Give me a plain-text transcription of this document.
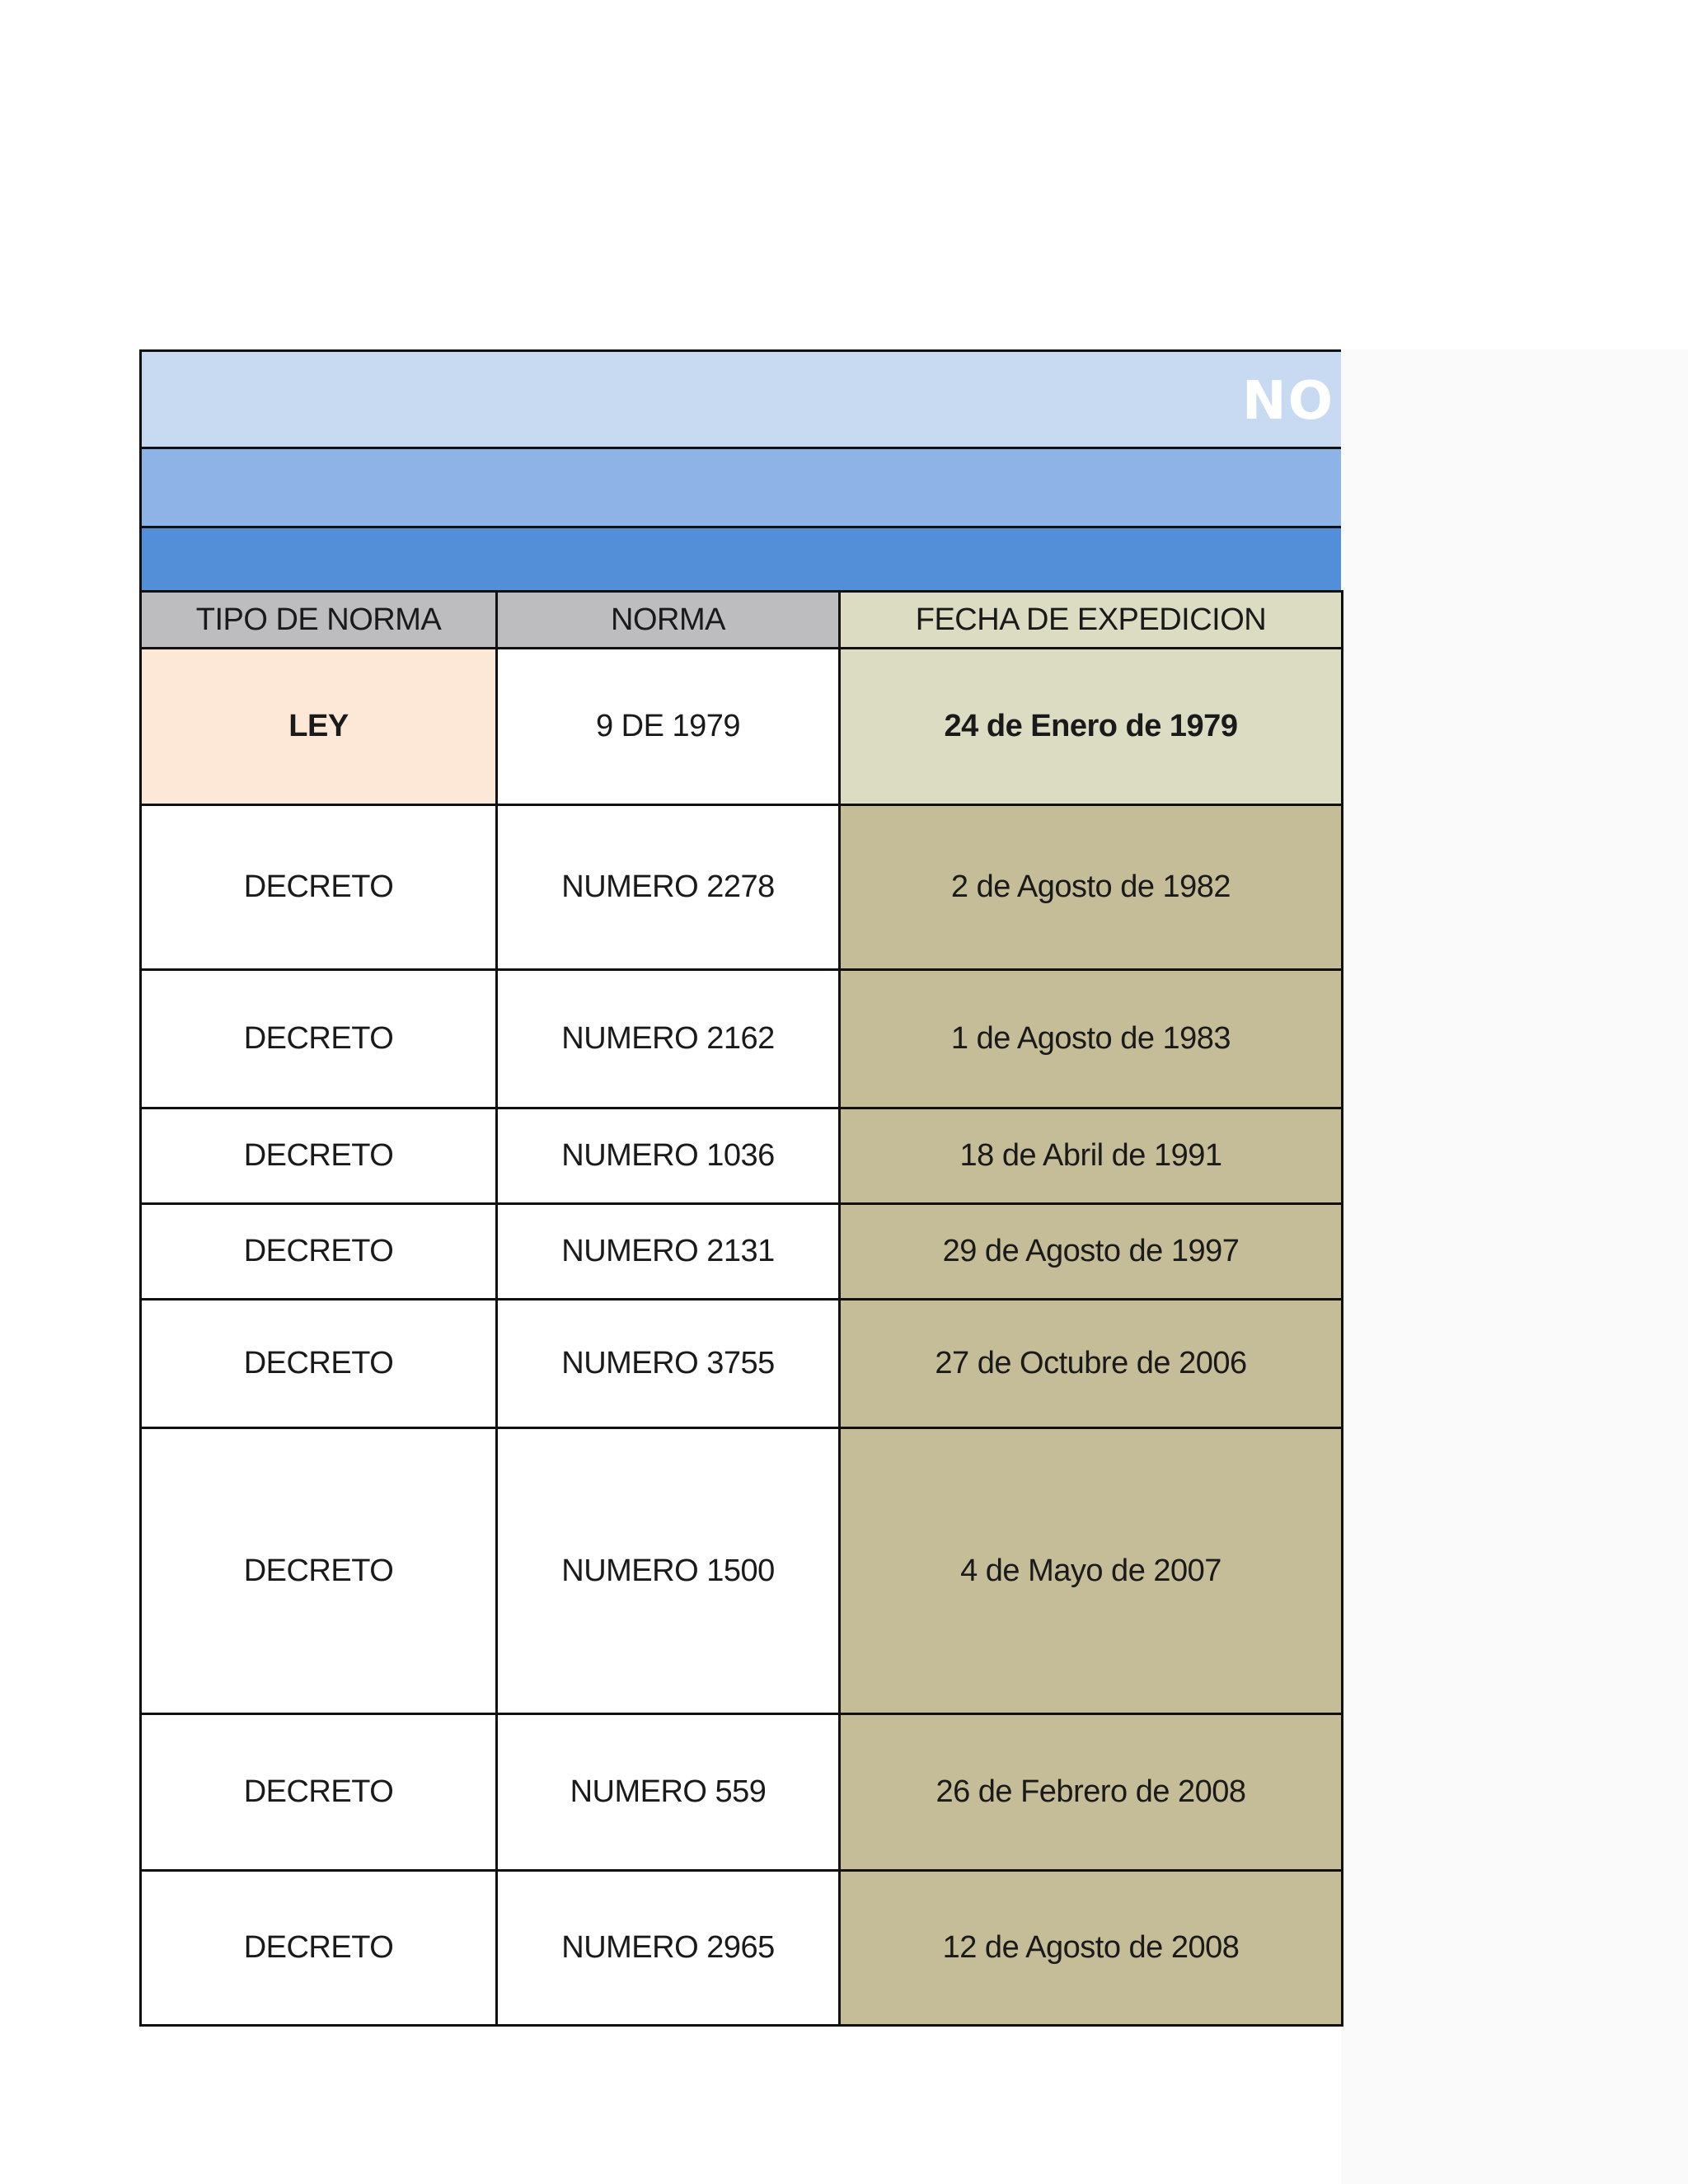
NO
TIPO DE NORMA	NORMA	FECHA DE EXPEDICION
LEY	9 DE 1979	24 de Enero de 1979
DECRETO	NUMERO 2278	2 de Agosto de 1982
DECRETO	NUMERO 2162	1 de Agosto de 1983
DECRETO	NUMERO 1036	18 de Abril de 1991
DECRETO	NUMERO 2131	29 de Agosto de 1997
DECRETO	NUMERO 3755	27 de Octubre de 2006
DECRETO	NUMERO 1500	4 de Mayo de 2007
DECRETO	NUMERO 559	26 de Febrero de 2008
DECRETO	NUMERO 2965	12 de Agosto de 2008
